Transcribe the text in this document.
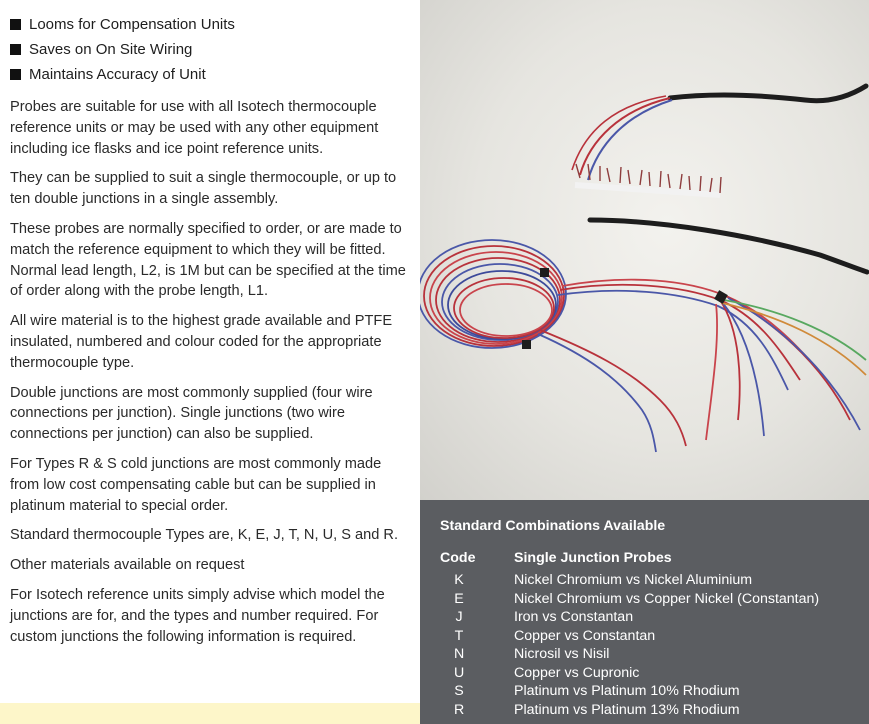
Looms for Compensation Units
Saves on On Site Wiring
Maintains Accuracy of Unit

Probes are suitable for use with all Isotech thermocouple reference units or may be used with any other equipment including ice flasks and ice point reference units.

They can be supplied to suit a single thermocouple, or up to ten double junctions in a single assembly.

These probes are normally specified to order, or are made to match the reference equipment to which they will be fitted. Normal lead length, L2, is 1M but can be specified at the time of order along with the probe length, L1.

All wire material is to the highest grade available and PTFE insulated, numbered and colour coded for the appropriate thermocouple type.

Double junctions are most commonly supplied (four wire connections per junction). Single junctions (two wire connections per junction) can also be supplied.

For Types R & S cold junctions are most commonly made from low cost compensating cable but can be supplied in platinum material to special order.

Standard thermocouple Types are, K, E, J, T, N, U, S and R.

Other materials available on request

For Isotech reference units simply advise which model the junctions are for, and the types and number required. For custom junctions the following information is required.

Standard Combinations Available
Code	Single Junction Probes
K	Nickel Chromium vs Nickel Aluminium
E	Nickel Chromium vs Copper Nickel (Constantan)
J	Iron vs Constantan
T	Copper vs Constantan
N	Nicrosil vs Nisil
U	Copper vs Cupronic
S	Platinum vs Platinum 10% Rhodium
R	Platinum vs Platinum 13% Rhodium
